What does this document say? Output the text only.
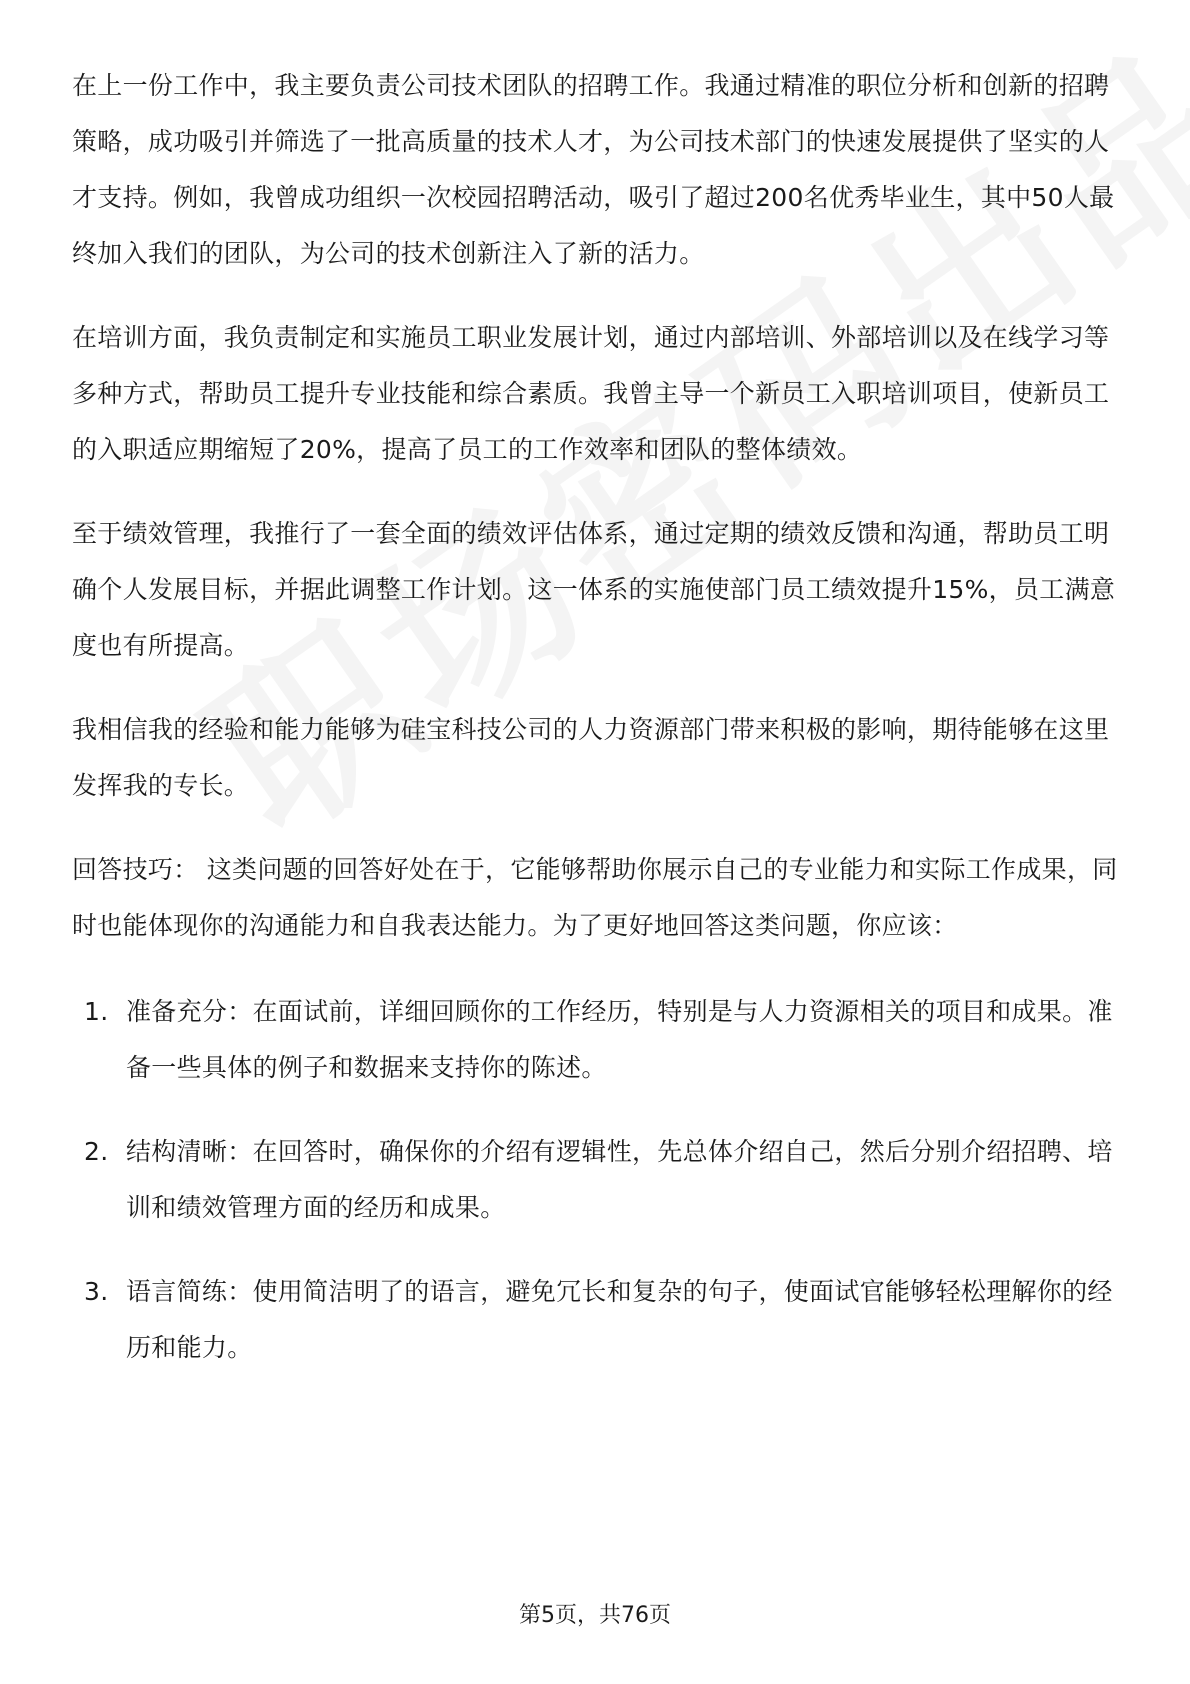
在上一份工作中，我主要负责公司技术团队的招聘工作。我通过精准的职位分析和创新的招聘策略，成功吸引并筛选了一批高质量的技术人才，为公司技术部门的快速发展提供了坚实的人才支持。例如，我曾成功组织一次校园招聘活动，吸引了超过200名优秀毕业生，其中50人最终加入我们的团队，为公司的技术创新注入了新的活力。

在培训方面，我负责制定和实施员工职业发展计划，通过内部培训、外部培训以及在线学习等多种方式，帮助员工提升专业技能和综合素质。我曾主导一个新员工入职培训项目，使新员工的入职适应期缩短了20%，提高了员工的工作效率和团队的整体绩效。

至于绩效管理，我推行了一套全面的绩效评估体系，通过定期的绩效反馈和沟通，帮助员工明确个人发展目标，并据此调整工作计划。这一体系的实施使部门员工绩效提升15%，员工满意度也有所提高。

我相信我的经验和能力能够为硅宝科技公司的人力资源部门带来积极的影响，期待能够在这里发挥我的专长。

回答技巧： 这类问题的回答好处在于，它能够帮助你展示自己的专业能力和实际工作成果，同时也能体现你的沟通能力和自我表达能力。为了更好地回答这类问题，你应该：

1. 准备充分：在面试前，详细回顾你的工作经历，特别是与人力资源相关的项目和成果。准备一些具体的例子和数据来支持你的陈述。
2. 结构清晰：在回答时，确保你的介绍有逻辑性，先总体介绍自己，然后分别介绍招聘、培训和绩效管理方面的经历和成果。
3. 语言简练：使用简洁明了的语言，避免冗长和复杂的句子，使面试官能够轻松理解你的经历和能力。
第5页，共76页
